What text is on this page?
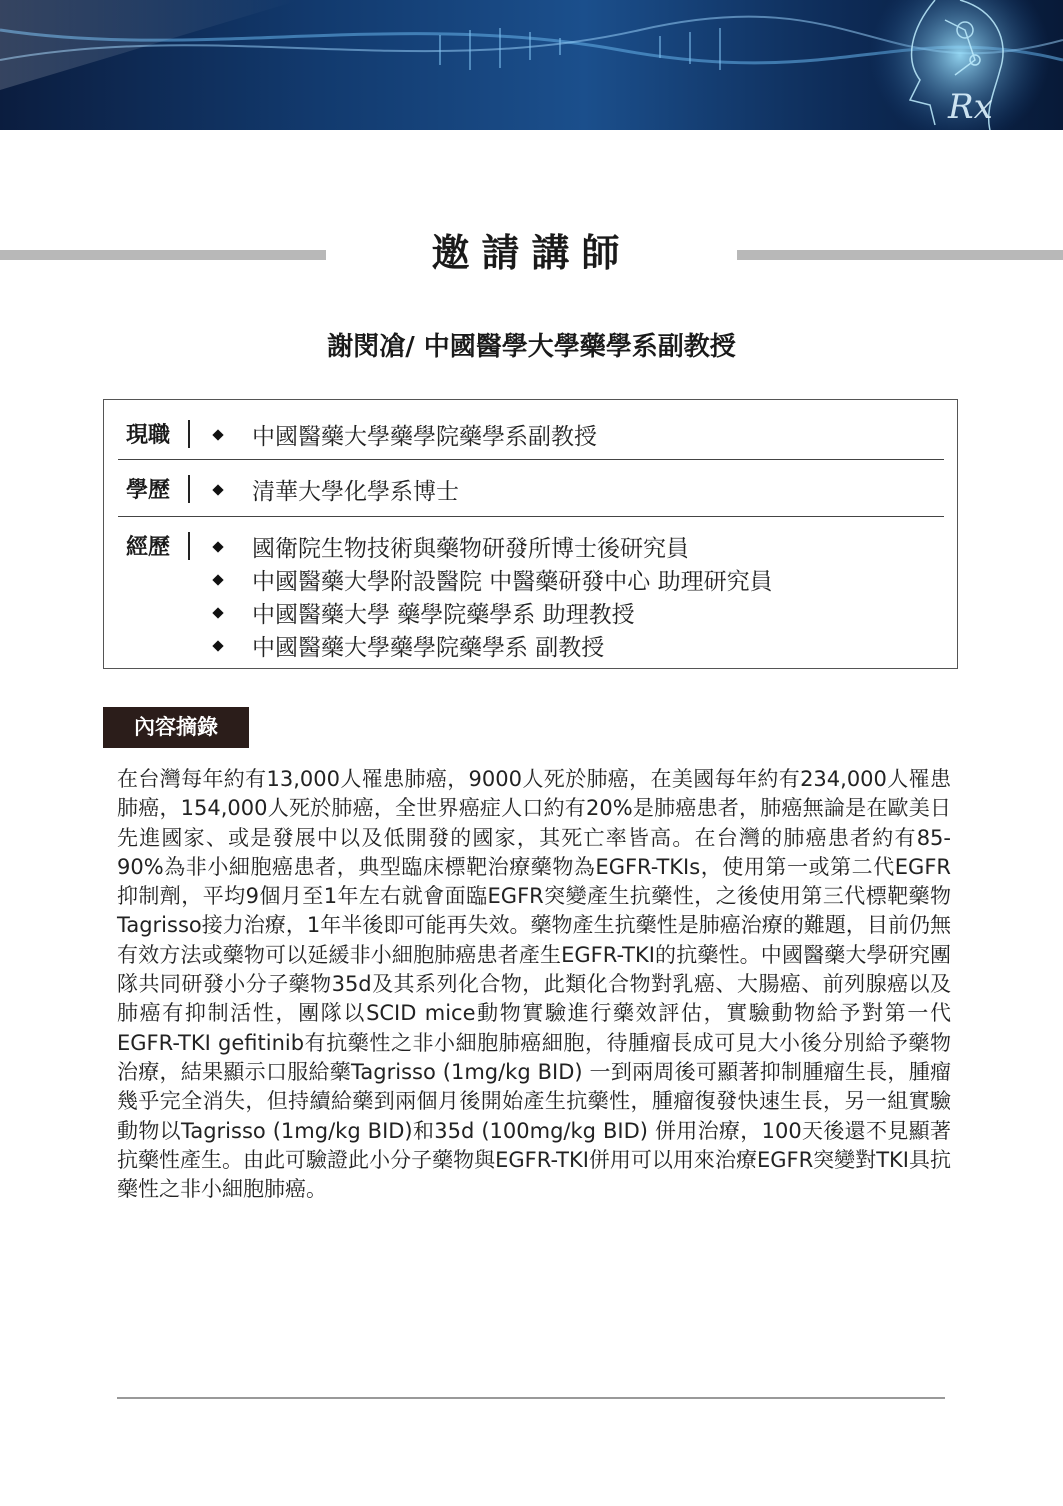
Rx
邀請講師
謝閔凔/ 中國醫學大學藥學系副教授
現職	中國醫藥大學藥學院藥學系副教授
學歷	清華大學化學系博士
經歷	國衛院生物技術與藥物研發所博士後研究員
中國醫藥大學附設醫院 中醫藥研發中心 助理研究員
中國醫藥大學 藥學院藥學系 助理教授
中國醫藥大學藥學院藥學系 副教授
內容摘錄
在台灣每年約有13,000人罹患肺癌，9000人死於肺癌，在美國每年約有234,000人罹患肺癌，154,000人死於肺癌，全世界癌症人口約有20%是肺癌患者，肺癌無論是在歐美日先進國家、或是發展中以及低開發的國家，其死亡率皆高。在台灣的肺癌患者約有85-90%為非小細胞癌患者，典型臨床標靶治療藥物為EGFR-TKIs，使用第一或第二代EGFR抑制劑，平均9個月至1年左右就會面臨EGFR突變產生抗藥性，之後使用第三代標靶藥物Tagrisso接力治療，1年半後即可能再失效。藥物產生抗藥性是肺癌治療的難題，目前仍無有效方法或藥物可以延緩非小細胞肺癌患者產生EGFR-TKI的抗藥性。中國醫藥大學研究團隊共同研發小分子藥物35d及其系列化合物，此類化合物對乳癌、大腸癌、前列腺癌以及肺癌有抑制活性，團隊以SCID mice動物實驗進行藥效評估，實驗動物給予對第一代EGFR-TKI gefitinib有抗藥性之非小細胞肺癌細胞，待腫瘤長成可見大小後分別給予藥物治療，結果顯示口服給藥Tagrisso (1mg/kg BID) 一到兩周後可顯著抑制腫瘤生長，腫瘤幾乎完全消失，但持續給藥到兩個月後開始產生抗藥性，腫瘤復發快速生長，另一組實驗動物以Tagrisso (1mg/kg BID)和35d (100mg/kg BID) 併用治療，100天後還不見顯著抗藥性產生。由此可驗證此小分子藥物與EGFR-TKI併用可以用來治療EGFR突變對TKI具抗藥性之非小細胞肺癌。
